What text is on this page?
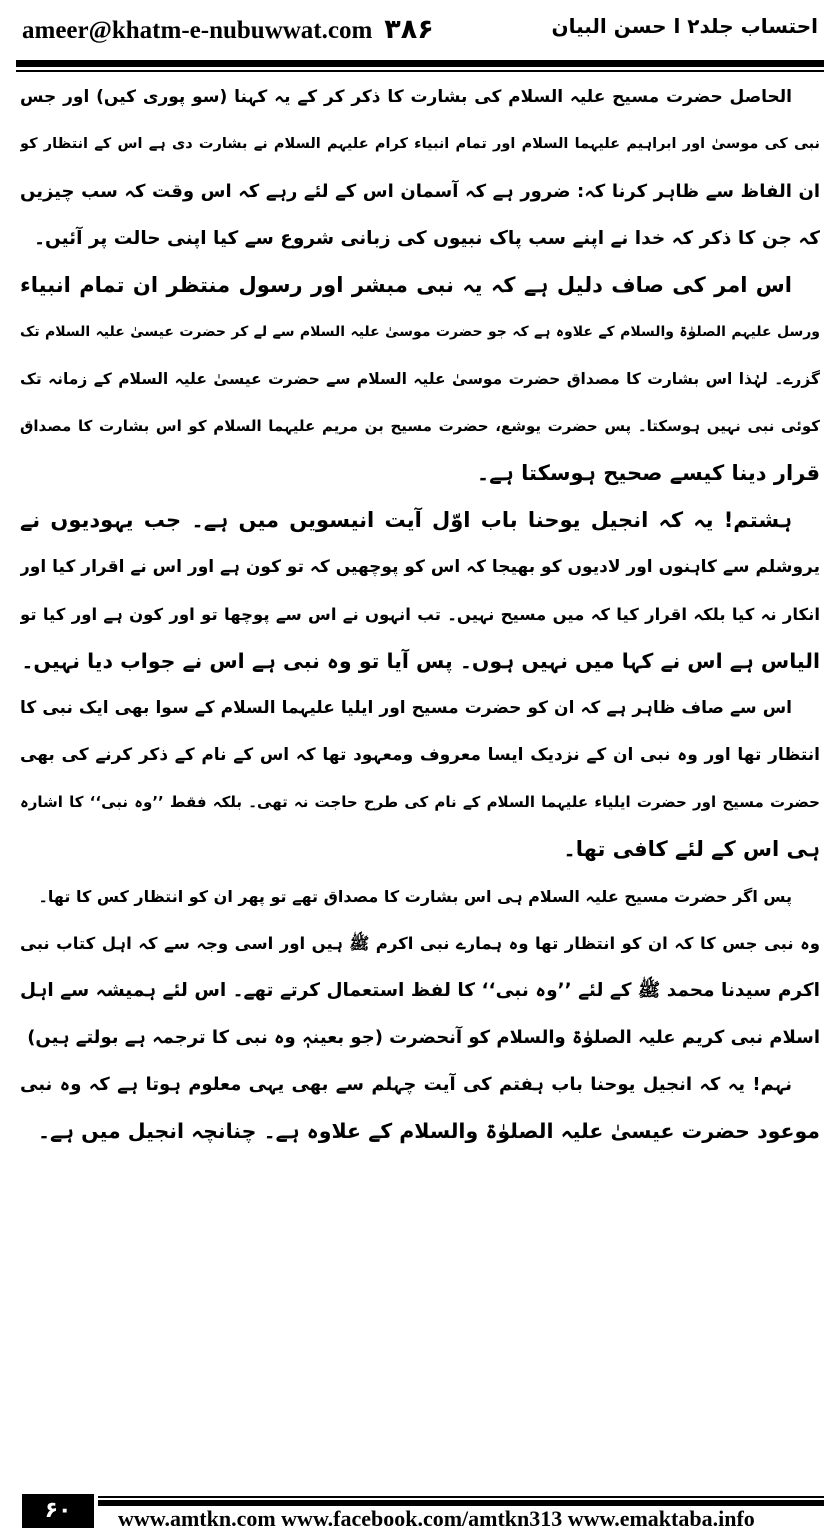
ameer@khatm-e-nubuwwat.com ۳۸۶	احتساب جلد۲ ا حسن البیان
الحاصل حضرت مسیح علیہ السلام کی بشارت کا ذکر کر کے یہ کہنا (سو پوری کیں) اور جس
نبی کی موسیٰ اور ابراہیم علیہما السلام اور تمام انبیاء کرام علیہم السلام نے بشارت دی ہے اس کے انتظار کو
ان الفاظ سے ظاہر کرنا کہ: ضرور ہے کہ آسمان اس کے لئے رہے کہ اس وقت کہ سب چیزیں
کہ جن کا ذکر کہ خدا نے اپنے سب پاک نبیوں کی زبانی شروع سے کیا اپنی حالت پر آئیں۔
اس امر کی صاف دلیل ہے کہ یہ نبی مبشر اور رسول منتظر ان تمام انبیاء
ورسل علیہم الصلوٰۃ والسلام کے علاوہ ہے کہ جو حضرت موسیٰ علیہ السلام سے لے کر حضرت عیسیٰ علیہ السلام تک
گزرے۔ لہٰذا اس بشارت کا مصداق حضرت موسیٰ علیہ السلام سے حضرت عیسیٰ علیہ السلام کے زمانہ تک
کوئی نبی نہیں ہوسکتا۔ پس حضرت یوشع، حضرت مسیح بن مریم علیہما السلام کو اس بشارت کا مصداق
قرار دینا کیسے صحیح ہوسکتا ہے۔
ہشتم! یہ کہ انجیل یوحنا باب اوّل آیت انیسویں میں ہے۔ جب یہودیوں نے
یروشلم سے کاہنوں اور لادیوں کو بھیجا کہ اس کو پوچھیں کہ تو کون ہے اور اس نے اقرار کیا اور
انکار نہ کیا بلکہ اقرار کیا کہ میں مسیح نہیں۔ تب انہوں نے اس سے پوچھا تو اور کون ہے اور کیا تو
الیاس ہے اس نے کہا میں نہیں ہوں۔ پس آیا تو وہ نبی ہے اس نے جواب دیا نہیں۔
اس سے صاف ظاہر ہے کہ ان کو حضرت مسیح اور ایلیا علیہما السلام کے سوا بھی ایک نبی کا
انتظار تھا اور وہ نبی ان کے نزدیک ایسا معروف ومعہود تھا کہ اس کے نام کے ذکر کرنے کی بھی
حضرت مسیح اور حضرت ایلیاء علیہما السلام کے نام کی طرح حاجت نہ تھی۔ بلکہ فقط ’’وہ نبی‘‘ کا اشارہ
ہی اس کے لئے کافی تھا۔
پس اگر حضرت مسیح علیہ السلام ہی اس بشارت کا مصداق تھے تو پھر ان کو انتظار کس کا تھا۔
وہ نبی جس کا کہ ان کو انتظار تھا وہ ہمارے نبی اکرم ﷺ ہیں اور اسی وجہ سے کہ اہل کتاب نبی
اکرم سیدنا محمد ﷺ کے لئے ’’وہ نبی‘‘ کا لفظ استعمال کرتے تھے۔ اس لئے ہمیشہ سے اہل
اسلام نبی کریم علیہ الصلوٰۃ والسلام کو آنحضرت (جو بعینہٖ وہ نبی کا ترجمہ ہے بولتے ہیں)
نہم! یہ کہ انجیل یوحنا باب ہفتم کی آیت چہلم سے بھی یہی معلوم ہوتا ہے کہ وہ نبی
موعود حضرت عیسیٰ علیہ الصلوٰۃ والسلام کے علاوہ ہے۔ چنانچہ انجیل میں ہے۔
۶۰	www.amtkn.com www.facebook.com/amtkn313 www.emaktaba.info
